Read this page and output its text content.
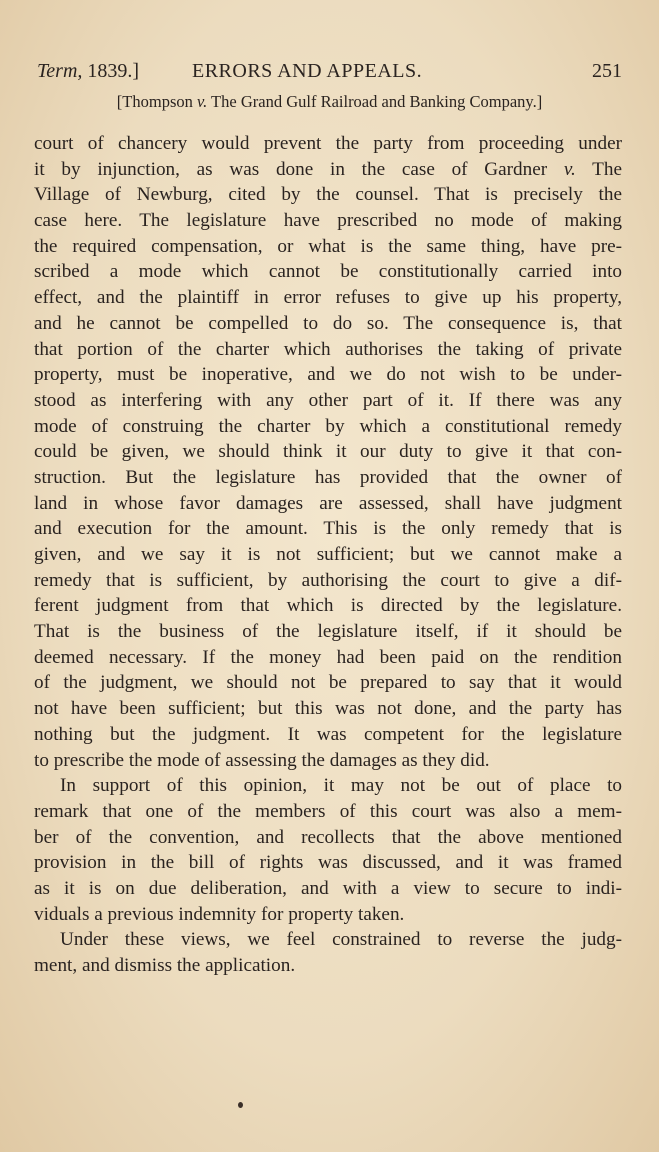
Term, 1839.]	ERRORS AND APPEALS.	251
[Thompson v. The Grand Gulf Railroad and Banking Company.]
court of chancery would prevent the party from proceeding under
it by injunction, as was done in the case of Gardner v. The
Village of Newburg, cited by the counsel. That is precisely the
case here. The legislature have prescribed no mode of making
the required compensation, or what is the same thing, have pre-
scribed a mode which cannot be constitutionally carried into
effect, and the plaintiff in error refuses to give up his property,
and he cannot be compelled to do so. The consequence is, that
that portion of the charter which authorises the taking of private
property, must be inoperative, and we do not wish to be under-
stood as interfering with any other part of it. If there was any
mode of construing the charter by which a constitutional remedy
could be given, we should think it our duty to give it that con-
struction. But the legislature has provided that the owner of
land in whose favor damages are assessed, shall have judgment
and execution for the amount. This is the only remedy that is
given, and we say it is not sufficient; but we cannot make a
remedy that is sufficient, by authorising the court to give a dif-
ferent judgment from that which is directed by the legislature.
That is the business of the legislature itself, if it should be
deemed necessary. If the money had been paid on the rendition
of the judgment, we should not be prepared to say that it would
not have been sufficient; but this was not done, and the party has
nothing but the judgment. It was competent for the legislature
to prescribe the mode of assessing the damages as they did.
In support of this opinion, it may not be out of place to
remark that one of the members of this court was also a mem-
ber of the convention, and recollects that the above mentioned
provision in the bill of rights was discussed, and it was framed
as it is on due deliberation, and with a view to secure to indi-
viduals a previous indemnity for property taken.
Under these views, we feel constrained to reverse the judg-
ment, and dismiss the application.
